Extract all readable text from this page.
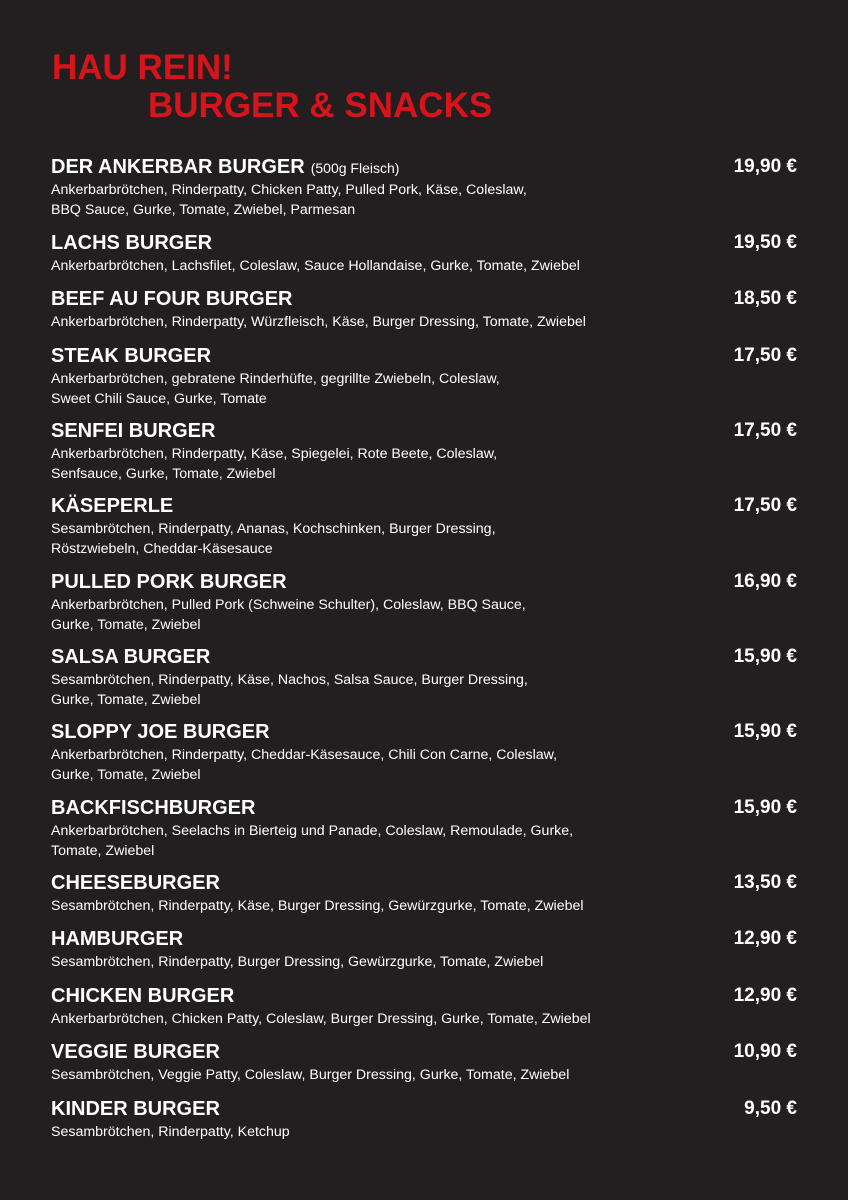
HAU REIN!
BURGER & SNACKS
DER ANKERBAR BURGER (500g Fleisch)	19,90 €
Ankerbarbrötchen, Rinderpatty, Chicken Patty, Pulled Pork, Käse, Coleslaw,
BBQ Sauce, Gurke, Tomate, Zwiebel, Parmesan
LACHS BURGER	19,50 €
Ankerbarbrötchen, Lachsfilet, Coleslaw, Sauce Hollandaise, Gurke, Tomate, Zwiebel
BEEF AU FOUR BURGER	18,50 €
Ankerbarbrötchen, Rinderpatty, Würzfleisch, Käse, Burger Dressing, Tomate, Zwiebel
STEAK BURGER	17,50 €
Ankerbarbrötchen, gebratene Rinderhüfte, gegrillte Zwiebeln, Coleslaw,
Sweet Chili Sauce, Gurke, Tomate
SENFEI BURGER	17,50 €
Ankerbarbrötchen, Rinderpatty, Käse, Spiegelei, Rote Beete, Coleslaw,
Senfsauce, Gurke, Tomate, Zwiebel
KÄSEPERLE	17,50 €
Sesambrötchen, Rinderpatty, Ananas, Kochschinken, Burger Dressing,
Röstzwiebeln, Cheddar-Käsesauce
PULLED PORK BURGER	16,90 €
Ankerbarbrötchen, Pulled Pork (Schweine Schulter), Coleslaw, BBQ Sauce,
Gurke, Tomate, Zwiebel
SALSA BURGER	15,90 €
Sesambrötchen, Rinderpatty, Käse, Nachos, Salsa Sauce, Burger Dressing,
Gurke, Tomate, Zwiebel
SLOPPY JOE BURGER	15,90 €
Ankerbarbrötchen, Rinderpatty, Cheddar-Käsesauce, Chili Con Carne, Coleslaw,
Gurke, Tomate, Zwiebel
BACKFISCHBURGER	15,90 €
Ankerbarbrötchen, Seelachs in Bierteig und Panade, Coleslaw, Remoulade, Gurke,
Tomate, Zwiebel
CHEESEBURGER	13,50 €
Sesambrötchen, Rinderpatty, Käse, Burger Dressing, Gewürzgurke, Tomate, Zwiebel
HAMBURGER	12,90 €
Sesambrötchen, Rinderpatty, Burger Dressing, Gewürzgurke, Tomate, Zwiebel
CHICKEN BURGER	12,90 €
Ankerbarbrötchen, Chicken Patty, Coleslaw, Burger Dressing, Gurke, Tomate, Zwiebel
VEGGIE BURGER	10,90 €
Sesambrötchen, Veggie Patty, Coleslaw, Burger Dressing, Gurke, Tomate, Zwiebel
KINDER BURGER	9,50 €
Sesambrötchen, Rinderpatty, Ketchup
